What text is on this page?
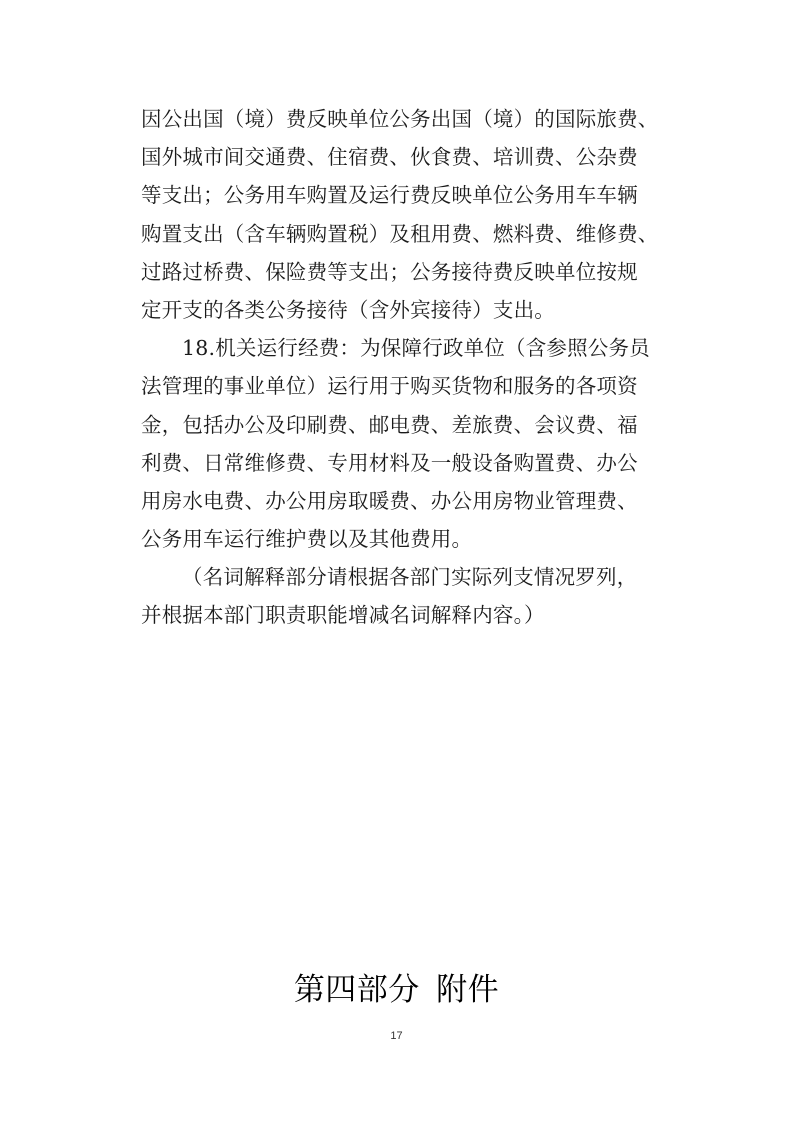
因公出国（境）费反映单位公务出国（境）的国际旅费、
国外城市间交通费、住宿费、伙食费、培训费、公杂费
等支出；公务用车购置及运行费反映单位公务用车车辆
购置支出（含车辆购置税）及租用费、燃料费、维修费、
过路过桥费、保险费等支出；公务接待费反映单位按规
定开支的各类公务接待（含外宾接待）支出。
18.机关运行经费：为保障行政单位（含参照公务员
法管理的事业单位）运行用于购买货物和服务的各项资
金，包括办公及印刷费、邮电费、差旅费、会议费、福
利费、日常维修费、专用材料及一般设备购置费、办公
用房水电费、办公用房取暖费、办公用房物业管理费、
公务用车运行维护费以及其他费用。
（名词解释部分请根据各部门实际列支情况罗列，
并根据本部门职责职能增减名词解释内容。）
第四部分 附件
17
